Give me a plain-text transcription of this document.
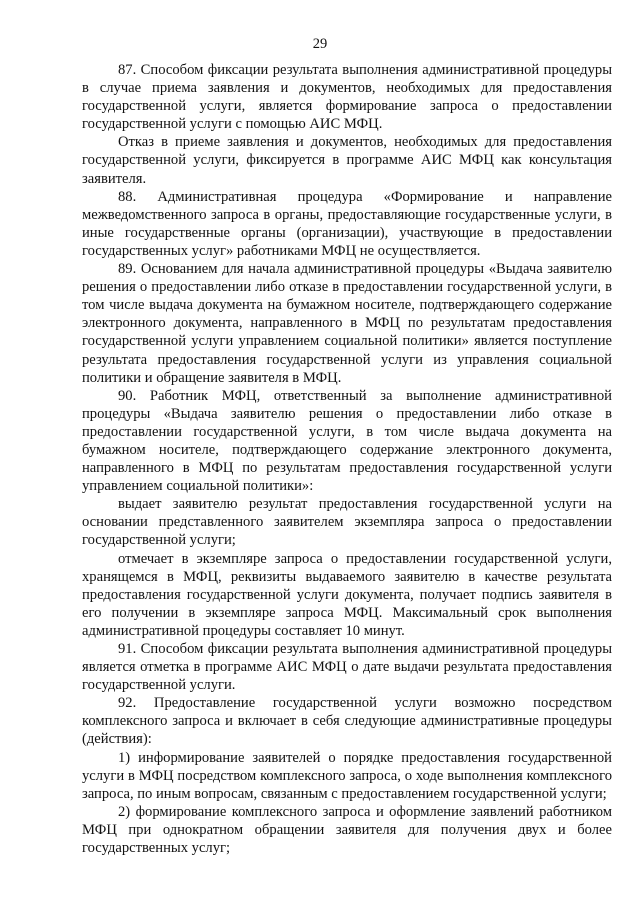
29

87. Способом фиксации результата выполнения административной процедуры в случае приема заявления и документов, необходимых для предоставления государственной услуги, является формирование запроса о предоставлении государственной услуги с помощью АИС МФЦ.

Отказ в приеме заявления и документов, необходимых для предоставления государственной услуги, фиксируется в программе АИС МФЦ как консультация заявителя.

88. Административная процедура «Формирование и направление межведомственного запроса в органы, предоставляющие государственные услуги, в иные государственные органы (организации), участвующие в предоставлении государственных услуг» работниками МФЦ не осуществляется.

89. Основанием для начала административной процедуры «Выдача заявителю решения о предоставлении либо отказе в предоставлении государственной услуги, в том числе выдача документа на бумажном носителе, подтверждающего содержание электронного документа, направленного в МФЦ по результатам предоставления государственной услуги управлением социальной политики» является поступление результата предоставления государственной услуги из управления социальной политики и обращение заявителя в МФЦ.

90. Работник МФЦ, ответственный за выполнение административной процедуры «Выдача заявителю решения о предоставлении либо отказе в предоставлении государственной услуги, в том числе выдача документа на бумажном носителе, подтверждающего содержание электронного документа, направленного в МФЦ по результатам предоставления государственной услуги управлением социальной политики»:

выдает заявителю результат предоставления государственной услуги на основании представленного заявителем экземпляра запроса о предоставлении государственной услуги;

отмечает в экземпляре запроса о предоставлении государственной услуги, хранящемся в МФЦ, реквизиты выдаваемого заявителю в качестве результата предоставления государственной услуги документа, получает подпись заявителя в его получении в экземпляре запроса МФЦ. Максимальный срок выполнения административной процедуры составляет 10 минут.

91. Способом фиксации результата выполнения административной процедуры является отметка в программе АИС МФЦ о дате выдачи результата предоставления государственной услуги.

92. Предоставление государственной услуги возможно посредством комплексного запроса и включает в себя следующие административные процедуры (действия):

1) информирование заявителей о порядке предоставления государственной услуги в МФЦ посредством комплексного запроса, о ходе выполнения комплексного запроса, по иным вопросам, связанным с предоставлением государственной услуги;

2) формирование комплексного запроса и оформление заявлений работником МФЦ при однократном обращении заявителя для получения двух и более государственных услуг;
